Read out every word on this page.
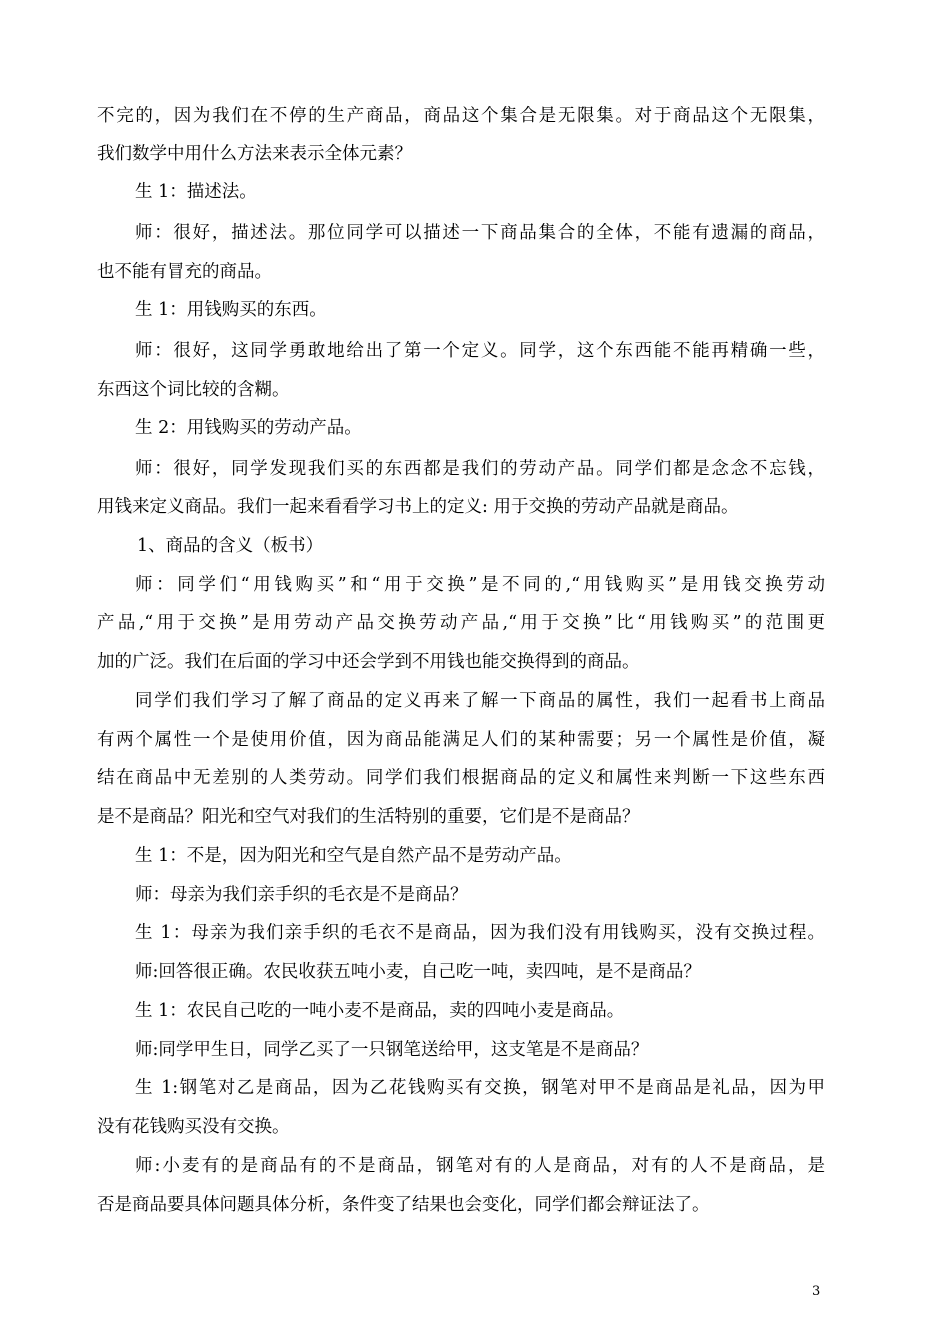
不完的，因为我们在不停的生产商品，商品这个集合是无限集。对于商品这个无限集，
我们数学中用什么方法来表示全体元素？
生 1：描述法。
师：很好，描述法。那位同学可以描述一下商品集合的全体，不能有遗漏的商品，
也不能有冒充的商品。
生 1：用钱购买的东西。
师：很好，这同学勇敢地给出了第一个定义。同学，这个东西能不能再精确一些，
东西这个词比较的含糊。
生 2：用钱购买的劳动产品。
师：很好，同学发现我们买的东西都是我们的劳动产品。同学们都是念念不忘钱，
用钱来定义商品。我们一起来看看学习书上的定义: 用于交换的劳动产品就是商品。
1、商品的含义（板书）
师：同学们“用钱购买”和“用于交换”是不同的,“用钱购买”是用钱交换劳动
产品,“用于交换”是用劳动产品交换劳动产品,“用于交换”比“用钱购买”的范围更
加的广泛。我们在后面的学习中还会学到不用钱也能交换得到的商品。
同学们我们学习了解了商品的定义再来了解一下商品的属性，我们一起看书上商品
有两个属性一个是使用价值，因为商品能满足人们的某种需要；另一个属性是价值，凝
结在商品中无差别的人类劳动。同学们我们根据商品的定义和属性来判断一下这些东西
是不是商品？阳光和空气对我们的生活特别的重要，它们是不是商品？
生 1：不是，因为阳光和空气是自然产品不是劳动产品。
师：母亲为我们亲手织的毛衣是不是商品？
生 1：母亲为我们亲手织的毛衣不是商品，因为我们没有用钱购买，没有交换过程。
师:回答很正确。农民收获五吨小麦，自己吃一吨，卖四吨，是不是商品？
生 1：农民自己吃的一吨小麦不是商品，卖的四吨小麦是商品。
师:同学甲生日，同学乙买了一只钢笔送给甲，这支笔是不是商品？
生 1:钢笔对乙是商品，因为乙花钱购买有交换，钢笔对甲不是商品是礼品，因为甲
没有花钱购买没有交换。
师:小麦有的是商品有的不是商品，钢笔对有的人是商品，对有的人不是商品，是
否是商品要具体问题具体分析，条件变了结果也会变化，同学们都会辩证法了。
3
